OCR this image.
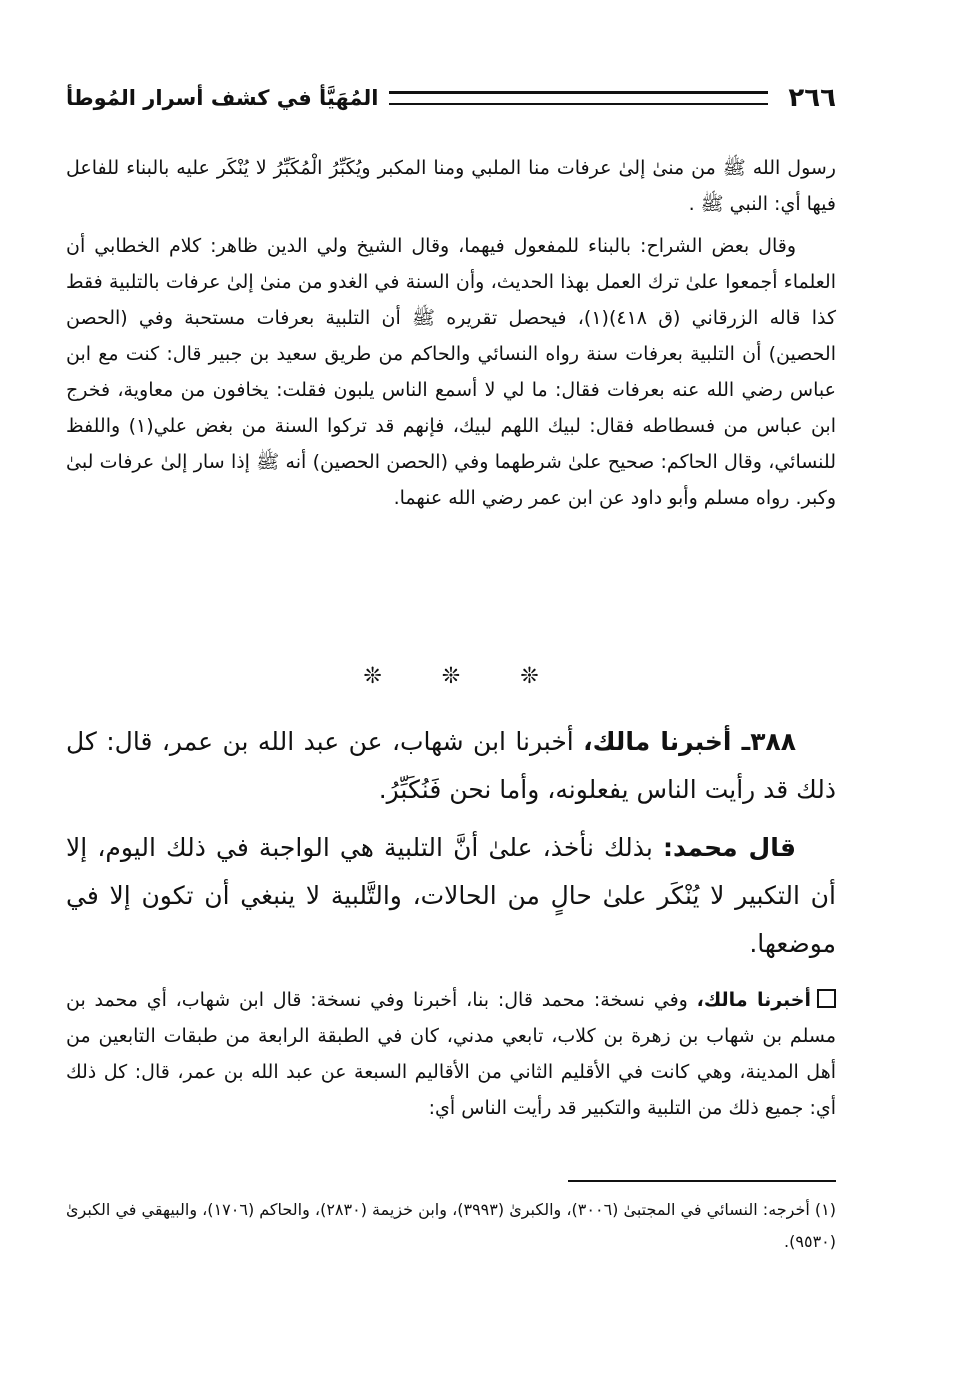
٢٦٦
المُهَيَّأ في كشف أسرار المُوطأ

رسول الله ﷺ من منىٰ إلىٰ عرفات منا الملبي ومنا المكبر ويُكَبِّرُ الْمُكَبِّرُ لا يُنْكَر عليه بالبناء للفاعل فيها أي: النبي ﷺ .

وقال بعض الشراح: بالبناء للمفعول فيهما، وقال الشيخ ولي الدين ظاهر: كلام الخطابي أن العلماء أجمعوا علىٰ ترك العمل بهذا الحديث، وأن السنة في الغدو من منىٰ إلىٰ عرفات بالتلبية فقط كذا قاله الزرقاني (ق ٤١٨)(١)، فيحصل تقريره ﷺ أن التلبية بعرفات مستحبة وفي (الحصن الحصين) أن التلبية بعرفات سنة رواه النسائي والحاكم من طريق سعيد بن جبير قال: كنت مع ابن عباس رضي الله عنه بعرفات فقال: ما لي لا أسمع الناس يلبون فقلت: يخافون من معاوية، فخرج ابن عباس من فسطاطه فقال: لبيك اللهم لبيك، فإنهم قد تركوا السنة من بغض علي(١) واللفظ للنسائي، وقال الحاكم: صحيح علىٰ شرطهما وفي (الحصن الحصين) أنه ﷺ إذا سار إلىٰ عرفات لبىٰ وكبر. رواه مسلم وأبو داود عن ابن عمر رضي الله عنهما.

❊
❊
❊

٣٨٨ـ أخبرنا مالك، أخبرنا ابن شهاب، عن عبد الله بن عمر، قال: كل ذلك قد رأيت الناس يفعلونه، وأما نحن فَنُكَبِّرُ.

قال محمد: بذلك نأخذ، علىٰ أنَّ التلبية هي الواجبة في ذلك اليوم، إلا أن التكبير لا يُنْكَر علىٰ حالٍ من الحالات، والتَّلبية لا ينبغي أن تكون إلا في موضعها.

أخبرنا مالك، وفي نسخة: محمد قال: بنا، أخبرنا وفي نسخة: قال ابن شهاب، أي محمد بن مسلم بن شهاب بن زهرة بن كلاب، تابعي مدني، كان في الطبقة الرابعة من طبقات التابعين من أهل المدينة، وهي كانت في الأقليم الثاني من الأقاليم السبعة عن عبد الله بن عمر، قال: كل ذلك أي: جميع ذلك من التلبية والتكبير قد رأيت الناس أي:

(١) أخرجه: النسائي في المجتبىٰ (٣٠٠٦)، والكبرىٰ (٣٩٩٣)، وابن خزيمة (٢٨٣٠)، والحاكم (١٧٠٦)، والبيهقي في الكبرىٰ (٩٥٣٠).
